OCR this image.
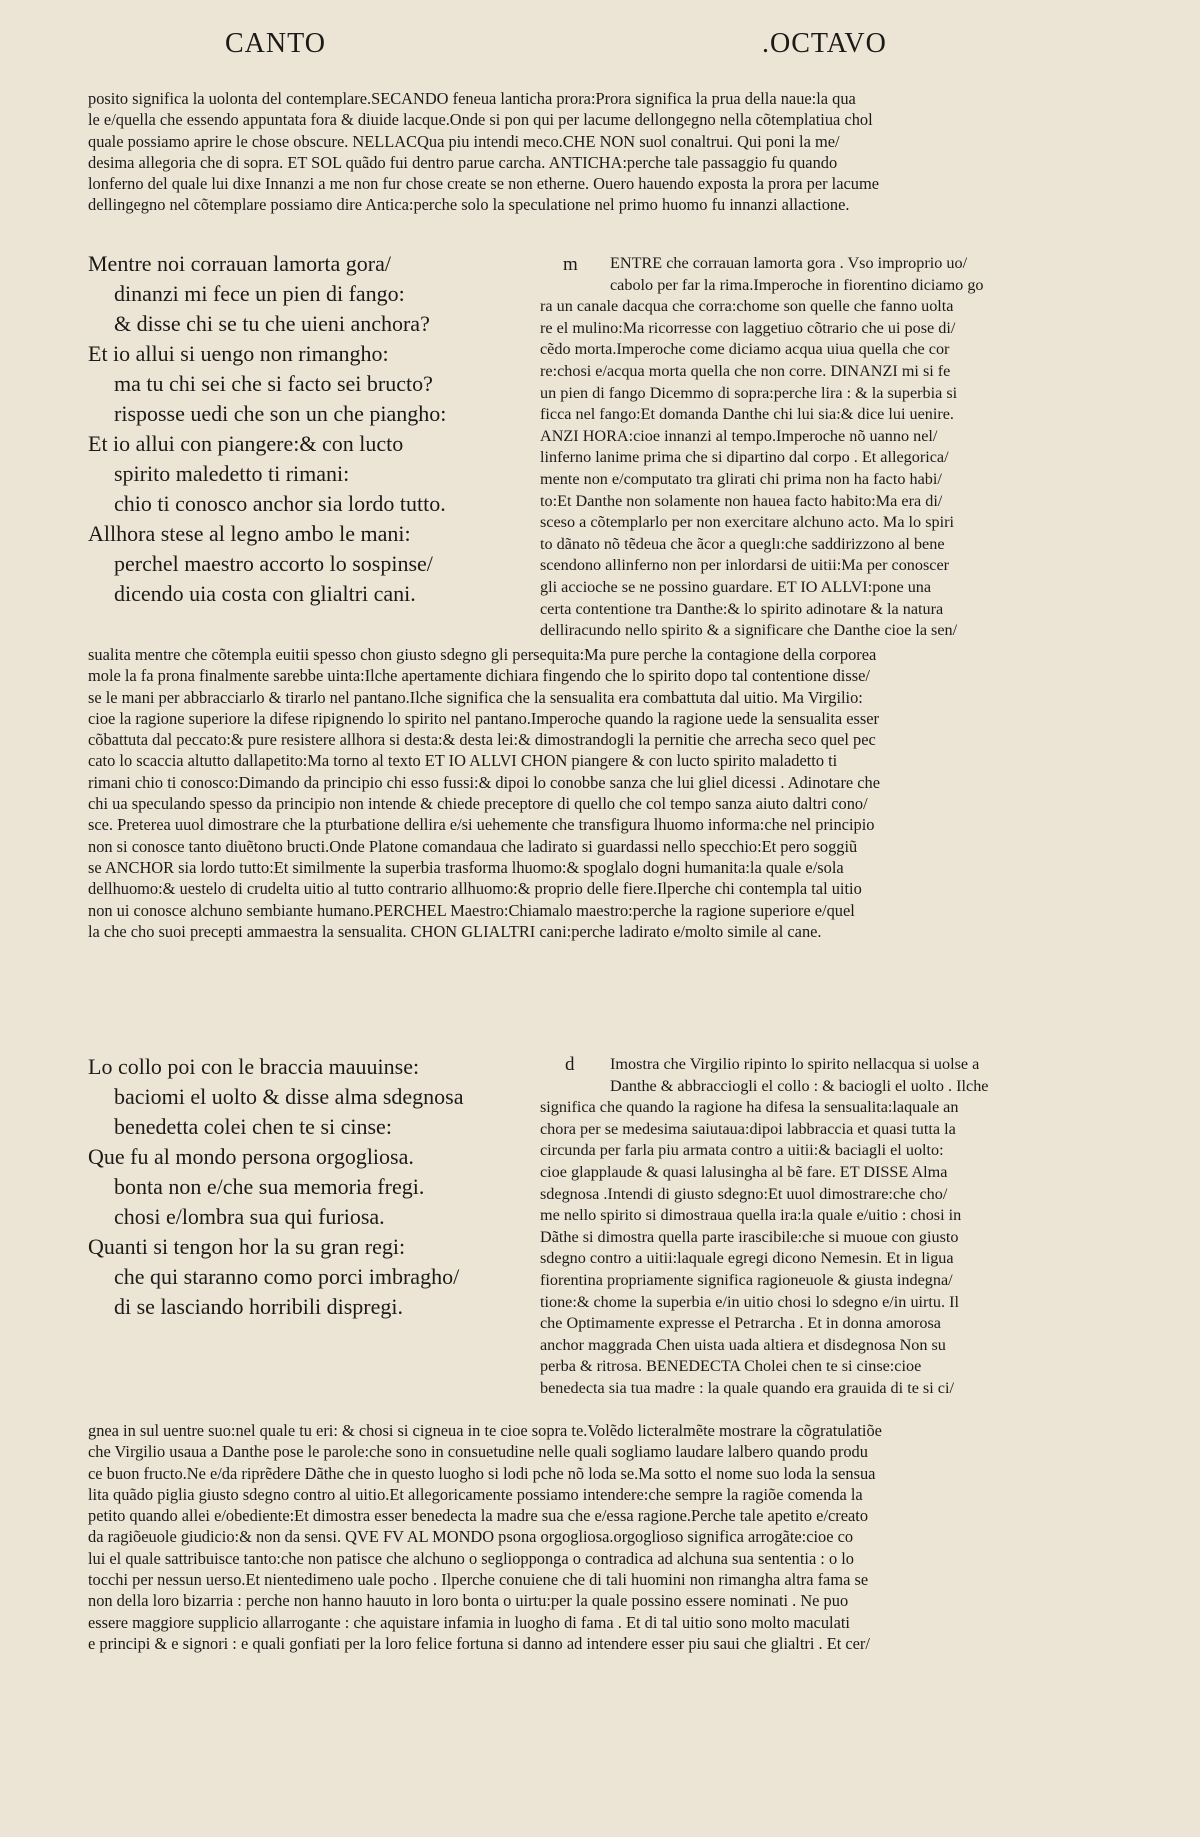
CANTO	.OCTAVO
posito significa la uolonta del contemplare.SECANDO feneua lanticha prora:Prora significa la prua della naue:la qua
le e/quella che essendo appuntata fora & diuide lacque.Onde si pon qui per lacume dellongegno nella cõtemplatiua chol
quale possiamo aprire le chose obscure. NELLACQua piu intendi meco.CHE NON suol conaltrui. Qui poni la me/
desima allegoria che di sopra. ET SOL quãdo fui dentro parue carcha. ANTICHA:perche tale passaggio fu quando
lonferno del quale lui dixe Innanzi a me non fur chose create se non etherne. Ouero hauendo exposta la prora per lacume
dellingegno nel cõtemplare possiamo dire Antica:perche solo la speculatione nel primo huomo fu innanzi allactione.
Mentre noi corrauan lamorta gora/
dinanzi mi fece un pien di fango:
& disse chi se tu che uieni anchora?
Et io allui si uengo non rimangho:
ma tu chi sei che si facto sei bructo?
risposse uedi che son un che piangho:
Et io allui con piangere:& con lucto
spirito maledetto ti rimani:
chio ti conosco anchor sia lordo tutto.
Allhora stese al legno ambo le mani:
perchel maestro accorto lo sospinse/
dicendo uia costa con glialtri cani.
m	ENTRE che corrauan lamorta gora . Vso improprio uo/
cabolo per far la rima.Imperoche in fiorentino diciamo go
ra un canale dacqua che corra:chome son quelle che fanno uolta
re el mulino:Ma ricorresse con laggetiuo cõtrario che ui pose di/
cẽdo morta.Imperoche come diciamo acqua uiua quella che cor
re:chosi e/acqua morta quella che non corre. DINANZI mi si fe
un pien di fango Dicemmo di sopra:perche lira : & la superbia si
ficca nel fango:Et domanda Danthe chi lui sia:& dice lui uenire.
ANZI HORA:cioe innanzi al tempo.Imperoche nõ uanno nel/
linferno lanime prima che si dipartino dal corpo . Et allegorica/
mente non e/computato tra glirati chi prima non ha facto habi/
to:Et Danthe non solamente non hauea facto habito:Ma era di/
sceso a cõtemplarlo per non exercitare alchuno acto. Ma lo spiri
to dãnato nõ tẽdeua che ãcor a queglı:che saddirizzono al bene
scendono allinferno non per inlordarsi de uitii:Ma per conoscer
gli accioche se ne possino guardare. ET IO ALLVI:pone una
certa contentione tra Danthe:& lo spirito adinotare & la natura
delliracundo nello spirito & a significare che Danthe cioe la sen/
sualita mentre che cõtempla euitii spesso chon giusto sdegno gli persequita:Ma pure perche la contagione della corporea
mole la fa prona finalmente sarebbe uinta:Ilche apertamente dichiara fingendo che lo spirito dopo tal contentione disse/
se le mani per abbracciarlo & tirarlo nel pantano.Ilche significa che la sensualita era combattuta dal uitio. Ma Virgilio:
cioe la ragione superiore la difese ripignendo lo spirito nel pantano.Imperoche quando la ragione uede la sensualita esser
cõbattuta dal peccato:& pure resistere allhora si desta:& desta lei:& dimostrandogli la pernitie che arrecha seco quel pec
cato lo scaccia altutto dallapetito:Ma torno al texto ET IO ALLVI CHON piangere & con lucto spirito maladetto ti
rimani chio ti conosco:Dimando da principio chi esso fussi:& dipoi lo conobbe sanza che lui gliel dicessi . Adinotare che
chi ua speculando spesso da principio non intende & chiede preceptore di quello che col tempo sanza aiuto daltri cono/
sce. Preterea uuol dimostrare che la pturbatione dellira e/si uehemente che transfigura lhuomo informa:che nel principio
non si conosce tanto diuẽtono bructi.Onde Platone comandaua che ladirato si guardassi nello specchio:Et pero soggiũ
se ANCHOR sia lordo tutto:Et similmente la superbia trasforma lhuomo:& spoglalo dogni humanita:la quale e/sola
dellhuomo:& uestelo di crudelta uitio al tutto contrario allhuomo:& proprio delle fiere.Ilperche chi contempla tal uitio
non ui conosce alchuno sembiante humano.PERCHEL Maestro:Chiamalo maestro:perche la ragione superiore e/quel
la che cho suoi precepti ammaestra la sensualita. CHON GLIALTRI cani:perche ladirato e/molto simile al cane.
Lo collo poi con le braccia mauuinse:
baciomi el uolto & disse alma sdegnosa
benedetta colei chen te si cinse:
Que fu al mondo persona orgogliosa.
bonta non e/che sua memoria fregi.
chosi e/lombra sua qui furiosa.
Quanti si tengon hor la su gran regi:
che qui staranno como porci imbragho/
di se lasciando horribili dispregi.
d	Imostra che Virgilio ripinto lo spirito nellacqua si uolse a
Danthe & abbracciogli el collo : & baciogli el uolto . Ilche
significa che quando la ragione ha difesa la sensualita:laquale an
chora per se medesima saiutaua:dipoi labbraccia et quasi tutta la
circunda per farla piu armata contro a uitii:& baciagli el uolto:
cioe glapplaude & quasi lalusingha al bẽ fare. ET DISSE Alma
sdegnosa .Intendi di giusto sdegno:Et uuol dimostrare:che cho/
me nello spirito si dimostraua quella ira:la quale e/uitio : chosi in
Dãthe si dimostra quella parte irascibile:che si muoue con giusto
sdegno contro a uitii:laquale egregi dicono Nemesin. Et in ligua
fiorentina propriamente significa ragioneuole & giusta indegna/
tione:& chome la superbia e/in uitio chosi lo sdegno e/in uirtu. Il
che Optimamente expresse el Petrarcha . Et in donna amorosa
anchor maggrada Chen uista uada altiera et disdegnosa Non su
perba & ritrosa. BENEDECTA Cholei chen te si cinse:cioe
benedecta sia tua madre : la quale quando era grauida di te si ci/
gnea in sul uentre suo:nel quale tu eri: & chosi si cigneua in te cioe sopra te.Volẽdo licteralmẽte mostrare la cõgratulatiõe
che Virgilio usaua a Danthe pose le parole:che sono in consuetudine nelle quali sogliamo laudare lalbero quando produ
ce buon fructo.Ne e/da riprẽdere Dãthe che in questo luogho si lodi pche nõ loda se.Ma sotto el nome suo loda la sensua
lita quãdo piglia giusto sdegno contro al uitio.Et allegoricamente possiamo intendere:che sempre la ragiõe comenda la
petito quando allei e/obediente:Et dimostra esser benedecta la madre sua che e/essa ragione.Perche tale apetito e/creato
da ragiõeuole giudicio:& non da sensi. QVE FV AL MONDO psona orgogliosa.orgoglioso significa arrogãte:cioe co
lui el quale sattribuisce tanto:che non patisce che alchuno o segliopponga o contradica ad alchuna sua sententia : o lo
tocchi per nessun uerso.Et nientedimeno uale pocho . Ilperche conuiene che di tali huomini non rimangha altra fama se
non della loro bizarria : perche non hanno hauuto in loro bonta o uirtu:per la quale possino essere nominati . Ne puo
essere maggiore supplicio allarrogante : che aquistare infamia in luogho di fama . Et di tal uitio sono molto maculati
e principi & e signori : e quali gonfiati per la loro felice fortuna si danno ad intendere esser piu saui che glialtri . Et cer/
